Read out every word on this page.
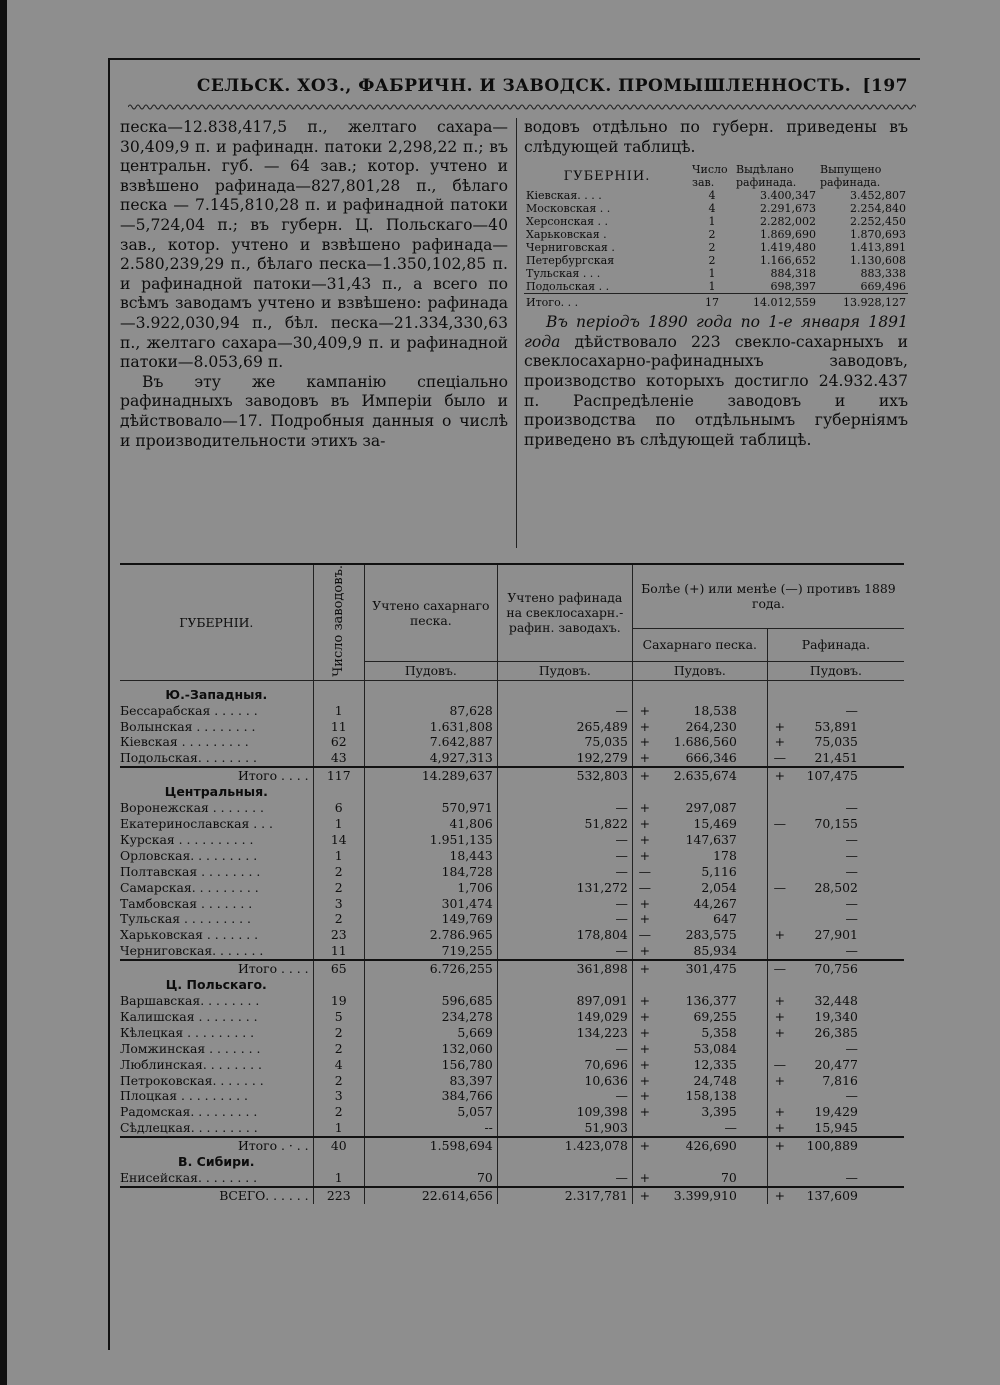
СЕЛЬСК. ХОЗ., ФАБРИЧН. И ЗАВОДСК. ПРОМЫШЛЕННОСТЬ. [197

песка—12.838,417,5 п., желтаго сахара—30,409,9 п. и рафинадн. патоки 2,298,22 п.; въ центральн. губ. — 64 зав.; котор. учтено и взвѣшено рафинада—827,801,28 п., бѣлаго песка — 7.145,810,28 п. и рафинадной патоки—5,724,04 п.; въ губерн. Ц. Польскаго—40 зав., котор. учтено и взвѣшено рафинада—2.580,239,29 п., бѣлаго песка—1.350,102,85 п. и рафинадной патоки—31,43 п., а всего по всѣмъ заводамъ учтено и взвѣшено: рафинада—3.922,030,94 п., бѣл. песка—21.334,330,63 п., желтаго сахара—30,409,9 п. и рафинадной патоки—8.053,69 п.

Въ эту же кампанію спеціально рафинадныхъ заводовъ въ Имперіи было и дѣйствовало—17. Подробныя данныя о числѣ и производительности этихъ за-

водовъ отдѣльно по губерн. приведены въ слѣдующей таблицѣ.

ГУБЕРНІИ.	Число зав.	Выдѣлано рафинада.	Выпущено рафинада.
Кіевская. . . .	4	3.400,347	3.452,807
Московская . .	4	2.291,673	2.254,840
Херсонская . .	1	2.282,002	2.252,450
Харьковская .	2	1.869,690	1.870,693
Черниговская .	2	1.419,480	1.413,891
Петербургская	2	1.166,652	1.130,608
Тульская . . .	1	884,318	883,338
Подольская . .	1	698,397	669,496
Итого. . .	17	14.012,559	13.928,127

Въ періодъ 1890 года по 1-е января 1891 года дѣйствовало 223 свекло-сахарныхъ и свеклосахарно-рафинадныхъ заводовъ, производство которыхъ достигло 24.932.437 п. Распредѣленіе заводовъ и ихъ производства по отдѣльнымъ губерніямъ приведено въ слѣдующей таблицѣ.

ГУБЕРНІИ.	Число заводовъ.	Учтено сахарнаго песка.	Учтено рафинада на свеклосахарн.-рафин. заводахъ.	Болѣе (+) или менѣе (—) противъ 1889 года.	
				Сахарнаго песка.	Рафинада.
		Пудовъ.	Пудовъ.	Пудовъ.	Пудовъ.

Ю.-Западныя.					
Бессарабская . . . . . .	1	87,628	—	+ 18,538	—
Волынская . . . . . . . .	11	1.631,808	265,489	+ 264,230	+ 53,891
Кіевская . . . . . . . . .	62	7.642,887	75,035	+ 1.686,560	+ 75,035
Подольская. . . . . . . .	43	4,927,313	192,279	+ 666,346	— 21,451
Итого . . . .	117	14.289,637	532,803	+ 2.635,674	+ 107,475
Центральныя.					
Воронежская . . . . . . .	6	570,971	—	+ 297,087	—
Екатеринославская . . .	1	41,806	51,822	+ 15,469	— 70,155
Курская . . . . . . . . . .	14	1.951,135	—	+ 147,637	—
Орловская. . . . . . . . .	1	18,443	—	+ 178	—
Полтавская . . . . . . . .	2	184,728	—	— 5,116	—
Самарская. . . . . . . . .	2	1,706	131,272	— 2,054	— 28,502
Тамбовская . . . . . . .	3	301,474	—	+ 44,267	—
Тульская . . . . . . . . .	2	149,769	—	+ 647	—
Харьковская . . . . . . .	23	2.786.965	178,804	— 283,575	+ 27,901
Черниговская. . . . . . .	11	719,255	—	+ 85,934	—
Итого . . . .	65	6.726,255	361,898	+ 301,475	— 70,756
Ц. Польскаго.					
Варшавская. . . . . . . .	19	596,685	897,091	+ 136,377	+ 32,448
Калишская . . . . . . . .	5	234,278	149,029	+ 69,255	+ 19,340
Кѣлецкая . . . . . . . . .	2	5,669	134,223	+ 5,358	+ 26,385
Ломжинская . . . . . . .	2	132,060	—	+ 53,084	—
Люблинская. . . . . . . .	4	156,780	70,696	+ 12,335	— 20,477
Петроковская. . . . . . .	2	83,397	10,636	+ 24,748	+ 7,816
Плоцкая . . . . . . . . .	3	384,766	—	+ 158,138	—
Радомская. . . . . . . . .	2	5,057	109,398	+ 3,395	+ 19,429
Сѣдлецкая. . . . . . . . .	1	--	51,903	—	+ 15,945
Итого . · . .	40	1.598,694	1.423,078	+ 426,690	+ 100,889
В. Сибири.					
Енисейская. . . . . . . .	1	70	—	+ 70	—
ВСЕГО. . . . . .	223	22.614,656	2.317,781	+ 3.399,910	+ 137,609
